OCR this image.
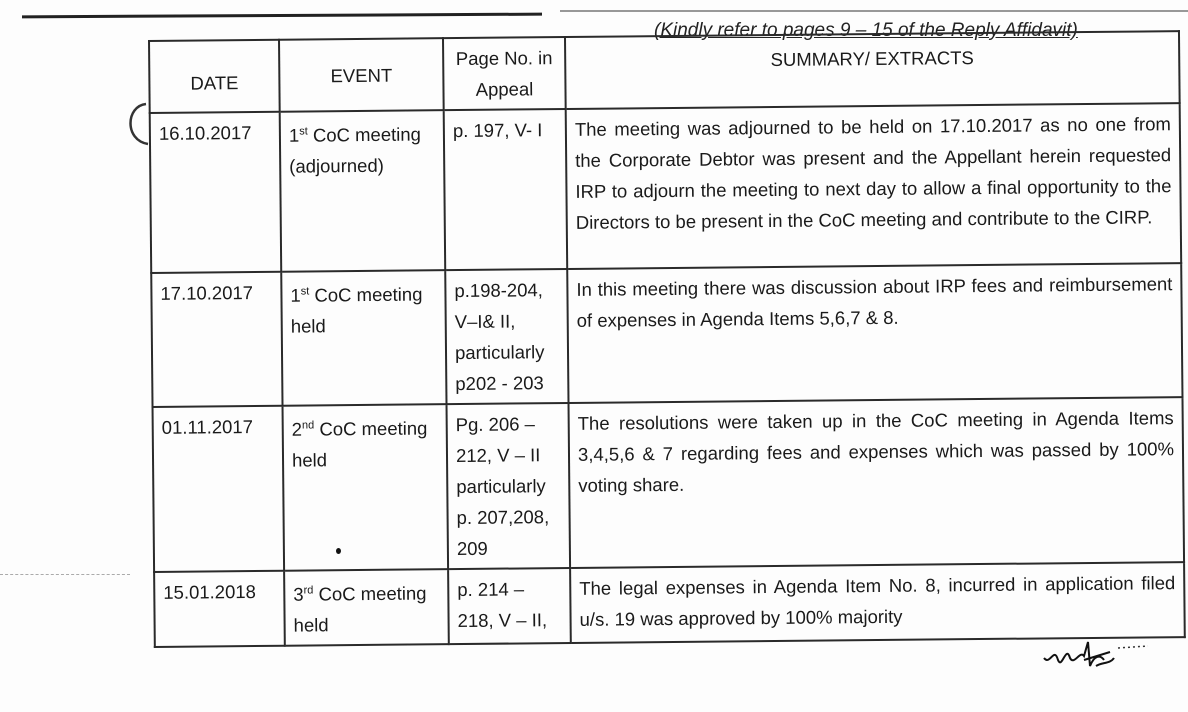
(Kindly refer to pages 9 – 15 of the Reply Affidavit)
DATE	EVENT	Page No. in Appeal	SUMMARY/ EXTRACTS
16.10.2017	1st CoC meeting (adjourned)	p. 197, V- I	The meeting was adjourned to be held on 17.10.2017 as no one from the Corporate Debtor was present and the Appellant herein requested IRP to adjourn the meeting to next day to allow a final opportunity to the Directors to be present in the CoC meeting and contribute to the CIRP.
17.10.2017	1st CoC meeting held	p.198-204, V–I& II, particularly p202 - 203	In this meeting there was discussion about IRP fees and reimbursement of expenses in Agenda Items 5,6,7 & 8.
01.11.2017	2nd CoC meeting held	Pg. 206 – 212, V – II particularly p. 207,208, 209	The resolutions were taken up in the CoC meeting in Agenda Items 3,4,5,6 & 7 regarding fees and expenses which was passed by 100% voting share.
15.01.2018	3rd CoC meeting held	p. 214 – 218, V – II,	The legal expenses in Agenda Item No. 8, incurred in application filed u/s. 19 was approved by 100% majority
